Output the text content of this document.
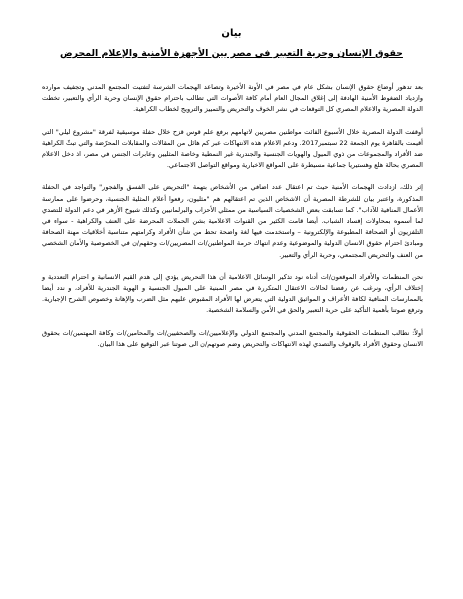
بيان
حقوق الإنسان وحرية التعبير في مصر بين الأجهزة الأمنية والإعلام المحرض

بعد تدهور أوضاع حقوق الإنسان بشكل عام في مصر في الأونة الأخيرة وتصاعد الهجمات الشرسة لتفتيت المجتمع المدني وتجفيف موارده وازدياد الضغوط الأمنية الهادفة إلى إغلاق المجال العام أمام كافة الأصوات التي تطالب باحترام حقوق الإنسان وحرية الرأي والتعبير، تخطت الدولة المصرية والاعلام المصري كل التوقعات في نشر الخوف والتحريض والتمييز والترويج لخطاب الكراهية.

أوقفت الدولة المصرية خلال الأسبوع الفائت مواطنين مصريين لاتهامهم برفع علم قوس قزح خلال حفلة موسيقية لفرقة "مشروع ليلي" التي أقيمت بالقاهرة يوم الجمعة 22 سبتمبر2017. ودعم الاعلام هذه الانتهاكات عبر كم هائل من المقالات والمقابلات المحرّضة والتي تبثّ الكراهية ضد الأفراد والمجموعات من ذوي الميول والهويات الجنسية والجندرية غير النمطية وخاصة المثليين وعابرات الجنس في مصر، اذ دخل الاعلام المصري بحالة هلع وهستيريا جماعية مسيطرة على المواقع الاخبارية ومواقع التواصل الاجتماعي.

إثر ذلك، ازدادت الهجمات الأمنية حيث تم اعتقال عدد اضافي من الأشخاص بتهمة "التحريض على الفسق والفجور" والتواجد في الحفلة المذكورة، واعتبر بيان للشرطة المصرية أن الاشخاص الذين تم اعتقالهم هم "مثليون، رفعوا أعلام المثلية الجنسية، وحرضوا على ممارسة الأعمال المنافية للآداب". كما تسابقت بعض الشخصيات السياسية من ممثلي الأحزاب والبرلمانيين وكذلك شيوخ الأزهر في دعم الدولة للتصدي لما أسموه بمحاولات إفساد الشباب. أيضا قامت الكثير من القنوات الاعلامية بشن الحملات المحرضة على العنف والكراهية - سواء في التلفزيون أو الصحافة المطبوعة والإلكترونية – واستخدمت فيها لغة واضحة تحط من شأن الأفراد وكرامتهم متناسية أخلاقيات مهنة الصحافة ومبادئ احترام حقوق الانسان الدولية والموضوعية وعدم انتهاك حرمة المواطنين/ات المصريين/ات وحقهم/ن في الخصوصية والأمان الشخصي من العنف والتحريض المجتمعي، وحرية الرأي والتعبير.

نحن المنظمات والأفراد الموقعون/ات أدناه نود تذكير الوسائل الاعلامية أن هذا التحريض يؤدي إلى هدم القيم الانسانية و احترام التعددية و إختلاف الرأي، ونرغب عن رفضنا لحالات الاعتقال المتكررة في مصر المبنية على الميول الجنسية و الهوية الجندرية للأفراد، و ندد أيضا بالممارسات المنافية لكافة الأعراف و المواثيق الدولية التي يتعرض لها الأفراد المقبوض عليهم مثل الضرب والإهانة وخصوص الشرح الإجبارية. وترفع صوتنا بأهمية التأكيد على حرية التعبير والحق في الأمن والسلامة الشخصية.

أولاً: نطالب المنظمات الحقوقية والمجتمع المدني والمجتمع الدولي والإعلاميين/ات والصحفيين/ات والمحامين/ات وكافة المهتمين/ات بحقوق الانسان وحقوق الأفراد بالوقوف والتصدي لهذه الانتهاكات والتحريض وضم صوتهم/ن الى صوتنا عبر التوقيع على هذا البيان.
